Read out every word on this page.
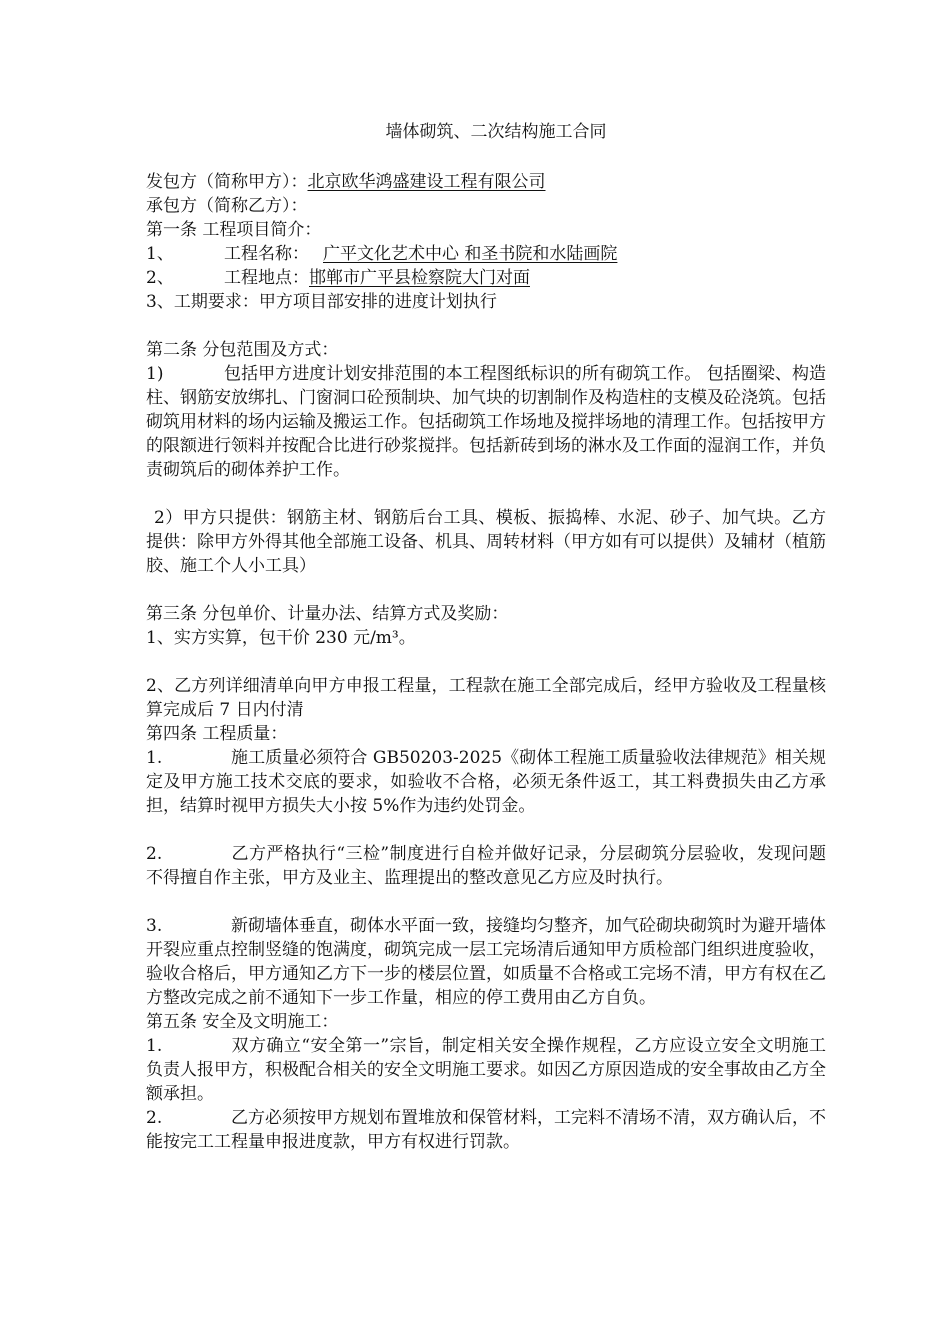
墙体砌筑、二次结构施工合同
发包方（简称甲方）：北京欧华鸿盛建设工程有限公司
承包方（简称乙方）：
第一条 工程项目简介：
1、	工程名称： 广平文化艺术中心 和圣书院和水陆画院
2、	工程地点：邯郸市广平县检察院大门对面
3、工期要求：甲方项目部安排的进度计划执行
第二条 分包范围及方式：
1)	包括甲方进度计划安排范围的本工程图纸标识的所有砌筑工作。 包括圈梁、构造柱、钢筋安放绑扎、门窗洞口砼预制块、加气块的切割制作及构造柱的支模及砼浇筑。包括砌筑用材料的场内运输及搬运工作。包括砌筑工作场地及搅拌场地的清理工作。包括按甲方的限额进行领料并按配合比进行砂浆搅拌。包括新砖到场的淋水及工作面的湿润工作，并负责砌筑后的砌体养护工作。
2）甲方只提供：钢筋主材、钢筋后台工具、模板、振捣棒、水泥、砂子、加气块。乙方提供：除甲方外得其他全部施工设备、机具、周转材料（甲方如有可以提供）及辅材（植筋胶、施工个人小工具）
第三条 分包单价、计量办法、结算方式及奖励：
1、实方实算，包干价 230 元/m³。
2、乙方列详细清单向甲方申报工程量，工程款在施工全部完成后，经甲方验收及工程量核算完成后 7 日内付清
第四条 工程质量：
1.	施工质量必须符合 GB50203-2025《砌体工程施工质量验收法律规范》相关规定及甲方施工技术交底的要求，如验收不合格，必须无条件返工，其工料费损失由乙方承担，结算时视甲方损失大小按 5%作为违约处罚金。
2.	乙方严格执行“三检”制度进行自检并做好记录，分层砌筑分层验收，发现问题不得擅自作主张，甲方及业主、监理提出的整改意见乙方应及时执行。
3.	新砌墙体垂直，砌体水平面一致，接缝均匀整齐，加气砼砌块砌筑时为避开墙体开裂应重点控制竖缝的饱满度，砌筑完成一层工完场清后通知甲方质检部门组织进度验收，验收合格后，甲方通知乙方下一步的楼层位置，如质量不合格或工完场不清，甲方有权在乙方整改完成之前不通知下一步工作量，相应的停工费用由乙方自负。
第五条 安全及文明施工：
1.	双方确立“安全第一”宗旨，制定相关安全操作规程，乙方应设立安全文明施工负责人报甲方，积极配合相关的安全文明施工要求。如因乙方原因造成的安全事故由乙方全额承担。
2.	乙方必须按甲方规划布置堆放和保管材料，工完料不清场不清，双方确认后，不能按完工工程量申报进度款，甲方有权进行罚款。
